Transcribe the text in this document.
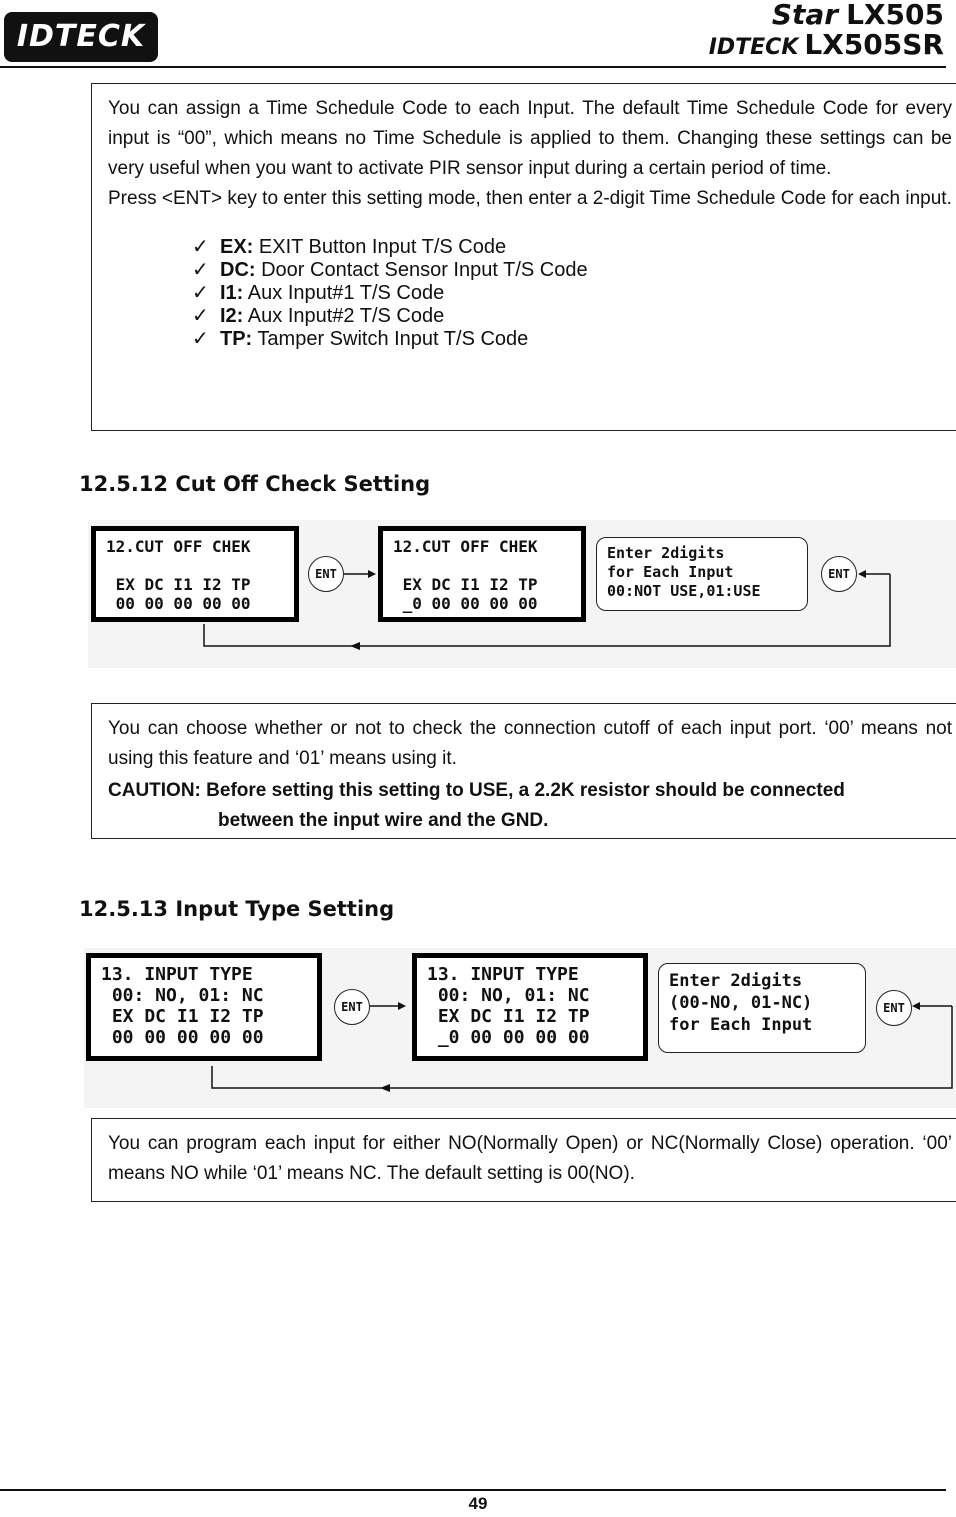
IDTECK
Star LX505
IDTECK LX505SR

You can assign a Time Schedule Code to each Input. The default Time Schedule Code for every input is “00”, which means no Time Schedule is applied to them. Changing these settings can be very useful when you want to activate PIR sensor input during a certain period of time.

Press <ENT> key to enter this setting mode, then enter a 2-digit Time Schedule Code for each input.

✓ EX: EXIT Button Input T/S Code
✓ DC: Door Contact Sensor Input T/S Code
✓ I1: Aux Input#1 T/S Code
✓ I2: Aux Input#2 T/S Code
✓ TP: Tamper Switch Input T/S Code
12.5.12 Cut Off Check Setting
12.CUT OFF CHEK

EX DC I1 I2 TP
00 00 00 00 00
ENT
12.CUT OFF CHEK

EX DC I1 I2 TP
_0 00 00 00 00
Enter 2digits
for Each Input
00:NOT USE,01:USE
ENT

You can choose whether or not to check the connection cutoff of each input port. ‘00’ means not using this feature and ‘01’ means using it.

CAUTION: Before setting this setting to USE, a 2.2K resistor should be connected
between the input wire and the GND.

12.5.13 Input Type Setting
13. INPUT TYPE
00: NO, 01: NC
EX DC I1 I2 TP
00 00 00 00 00
ENT
13. INPUT TYPE
00: NO, 01: NC
EX DC I1 I2 TP
_0 00 00 00 00
Enter 2digits
(00-NO, 01-NC)
for Each Input
ENT

You can program each input for either NO(Normally Open) or NC(Normally Close) operation. ‘00’ means NO while ‘01’ means NC. The default setting is 00(NO).

49
